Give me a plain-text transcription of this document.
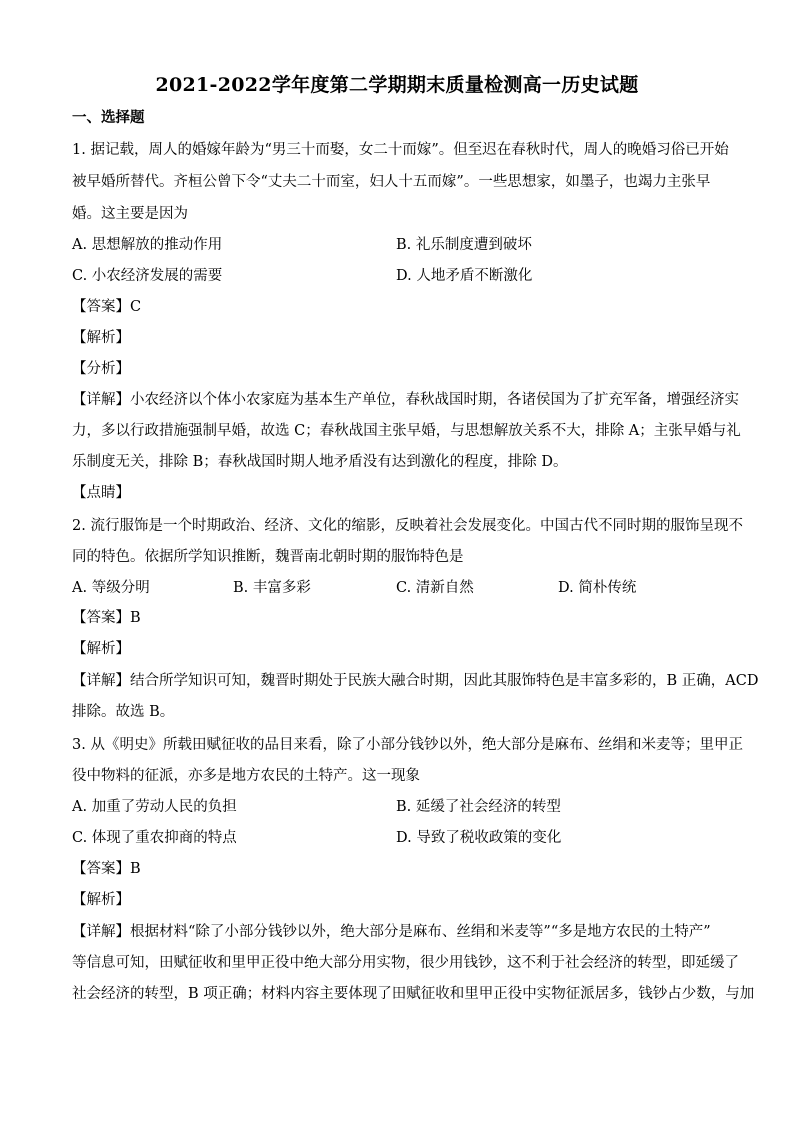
2021-2022学年度第二学期期末质量检测高一历史试题
一、选择题
1. 据记载，周人的婚嫁年龄为“男三十而娶，女二十而嫁”。但至迟在春秋时代，周人的晚婚习俗已开始
被早婚所替代。齐桓公曾下令“丈夫二十而室，妇人十五而嫁”。一些思想家，如墨子，也竭力主张早
婚。这主要是因为
A. 思想解放的推动作用	B. 礼乐制度遭到破坏
C. 小农经济发展的需要	D. 人地矛盾不断激化
【答案】C
【解析】
【分析】
【详解】小农经济以个体小农家庭为基本生产单位，春秋战国时期，各诸侯国为了扩充军备，增强经济实
力，多以行政措施强制早婚，故选 C；春秋战国主张早婚，与思想解放关系不大，排除 A；主张早婚与礼
乐制度无关，排除 B；春秋战国时期人地矛盾没有达到激化的程度，排除 D。
【点睛】
2. 流行服饰是一个时期政治、经济、文化的缩影，反映着社会发展变化。中国古代不同时期的服饰呈现不
同的特色。依据所学知识推断，魏晋南北朝时期的服饰特色是
A. 等级分明	B. 丰富多彩	C. 清新自然	D. 简朴传统
【答案】B
【解析】
【详解】结合所学知识可知，魏晋时期处于民族大融合时期，因此其服饰特色是丰富多彩的，B 正确，ACD
排除。故选 B。
3. 从《明史》所载田赋征收的品目来看，除了小部分钱钞以外，绝大部分是麻布、丝绢和米麦等；里甲正
役中物料的征派，亦多是地方农民的土特产。这一现象
A. 加重了劳动人民的负担	B. 延缓了社会经济的转型
C. 体现了重农抑商的特点	D. 导致了税收政策的变化
【答案】B
【解析】
【详解】根据材料“除了小部分钱钞以外，绝大部分是麻布、丝绢和米麦等”“多是地方农民的土特产”
等信息可知，田赋征收和里甲正役中绝大部分用实物，很少用钱钞，这不利于社会经济的转型，即延缓了
社会经济的转型，B 项正确；材料内容主要体现了田赋征收和里甲正役中实物征派居多，钱钞占少数，与加
